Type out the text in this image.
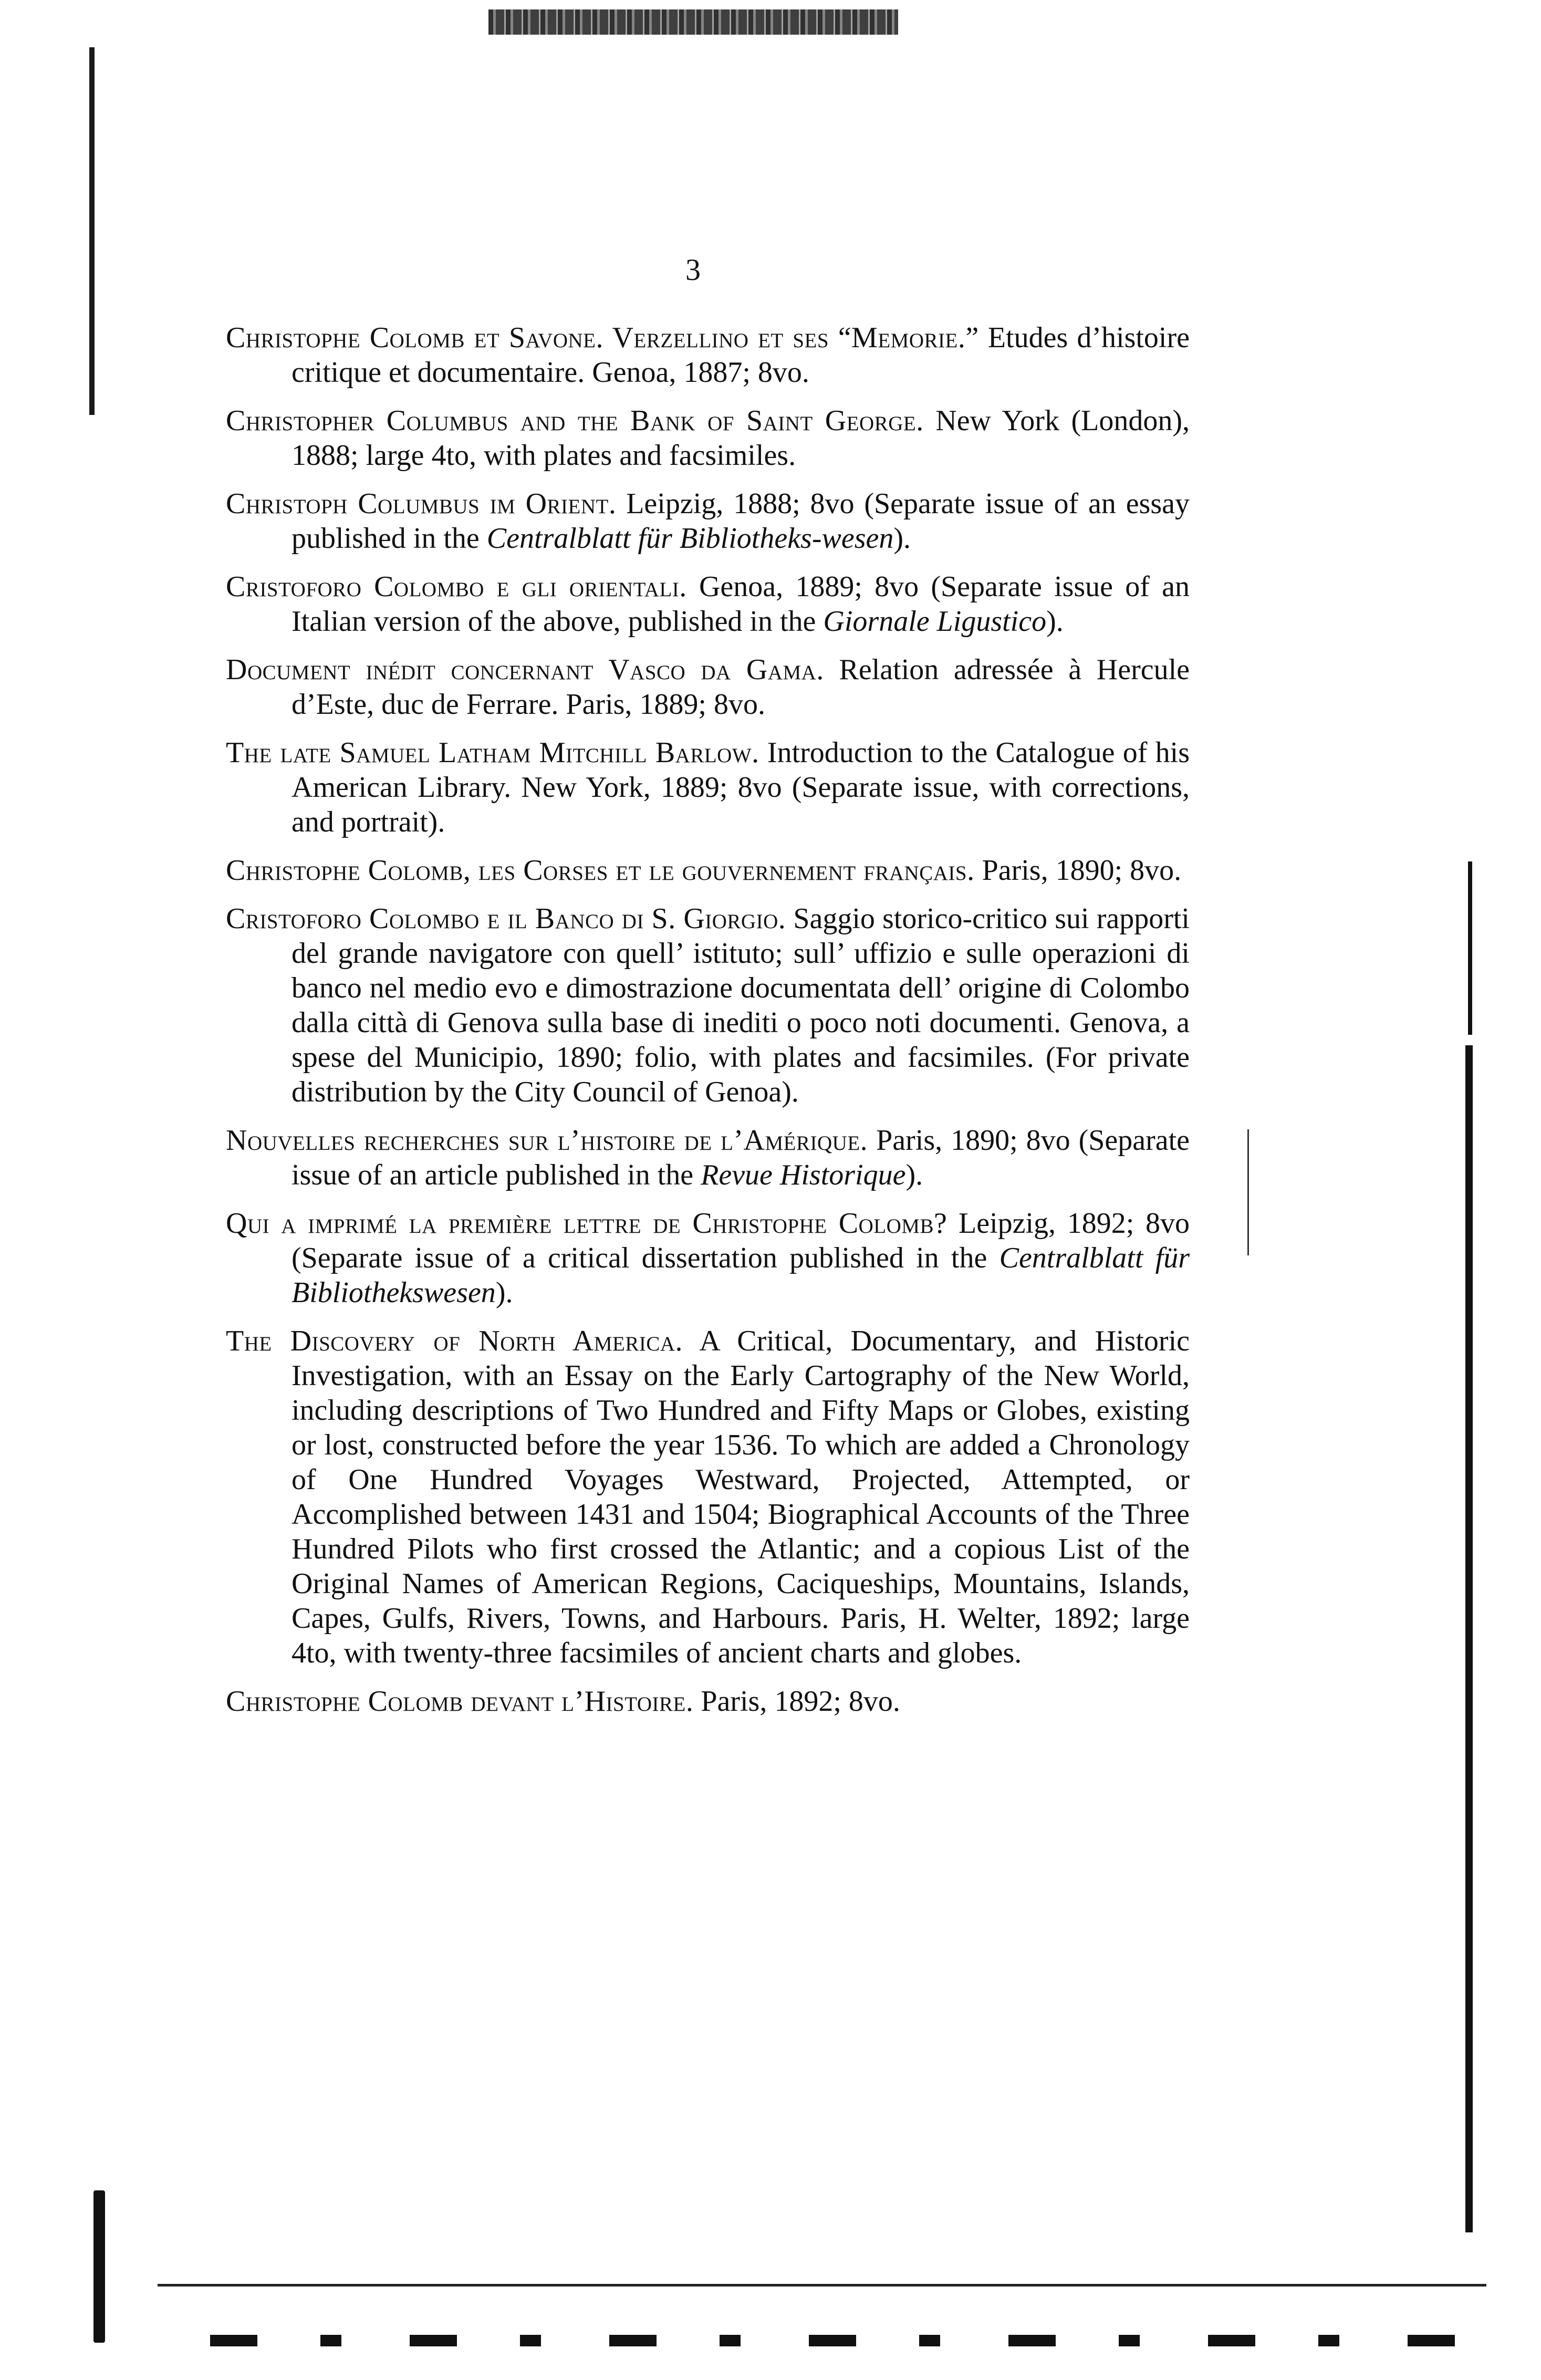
3

Christophe Colomb et Savone. Verzellino et ses “Memorie.” Etudes d’histoire critique et documentaire. Genoa, 1887; 8vo.

Christopher Columbus and the Bank of Saint George. New York (London), 1888; large 4to, with plates and facsimiles.

Christoph Columbus im Orient. Leipzig, 1888; 8vo (Separate issue of an essay published in the Centralblatt für Bibliotheks-wesen).

Cristoforo Colombo e gli orientali. Genoa, 1889; 8vo (Separate issue of an Italian version of the above, published in the Giornale Ligustico).

Document inédit concernant Vasco da Gama. Relation adressée à Hercule d’Este, duc de Ferrare. Paris, 1889; 8vo.

The late Samuel Latham Mitchill Barlow. Introduction to the Catalogue of his American Library. New York, 1889; 8vo (Separate issue, with corrections, and portrait).

Christophe Colomb, les Corses et le gouvernement français. Paris, 1890; 8vo.

Cristoforo Colombo e il Banco di S. Giorgio. Saggio storico-critico sui rapporti del grande navigatore con quell’ istituto; sull’ uffizio e sulle operazioni di banco nel medio evo e dimostrazione documentata dell’ origine di Colombo dalla città di Genova sulla base di inediti o poco noti documenti. Genova, a spese del Municipio, 1890; folio, with plates and facsimiles. (For private distribution by the City Council of Genoa).

Nouvelles recherches sur l’histoire de l’Amérique. Paris, 1890; 8vo (Separate issue of an article published in the Revue Historique).

Qui a imprimé la première lettre de Christophe Colomb? Leipzig, 1892; 8vo (Separate issue of a critical dissertation published in the Centralblatt für Bibliothekswesen).

The Discovery of North America. A Critical, Documentary, and Historic Investigation, with an Essay on the Early Cartography of the New World, including descriptions of Two Hundred and Fifty Maps or Globes, existing or lost, constructed before the year 1536. To which are added a Chronology of One Hundred Voyages Westward, Projected, Attempted, or Accomplished between 1431 and 1504; Biographical Accounts of the Three Hundred Pilots who first crossed the Atlantic; and a copious List of the Original Names of American Regions, Caciqueships, Mountains, Islands, Capes, Gulfs, Rivers, Towns, and Harbours. Paris, H. Welter, 1892; large 4to, with twenty-three facsimiles of ancient charts and globes.

Christophe Colomb devant l’Histoire. Paris, 1892; 8vo.
